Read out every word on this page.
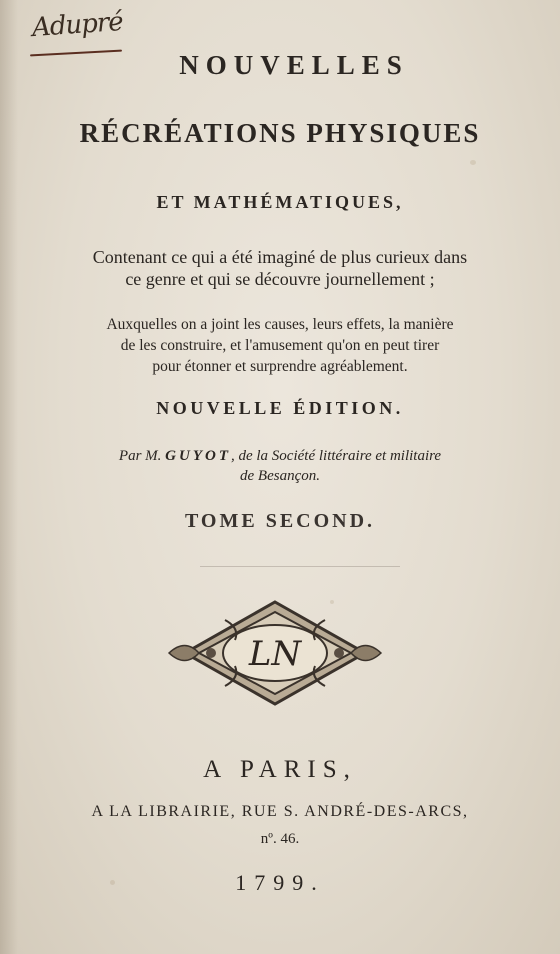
Adupré
NOUVELLES
RÉCRÉATIONS PHYSIQUES
ET MATHÉMATIQUES,
Contenant ce qui a été imaginé de plus curieux dans
ce genre et qui se découvre journellement ;
Auxquelles on a joint les causes, leurs effets, la manière
de les construire, et l'amusement qu'on en peut tirer
pour étonner et surprendre agréablement.
NOUVELLE ÉDITION.
Par M. GUYOT, de la Société littéraire et militaire
de Besançon.
TOME SECOND.
LN
A PARIS,
A LA LIBRAIRIE, RUE S. ANDRÉ-DES-ARCS,
nº. 46.
1799.
